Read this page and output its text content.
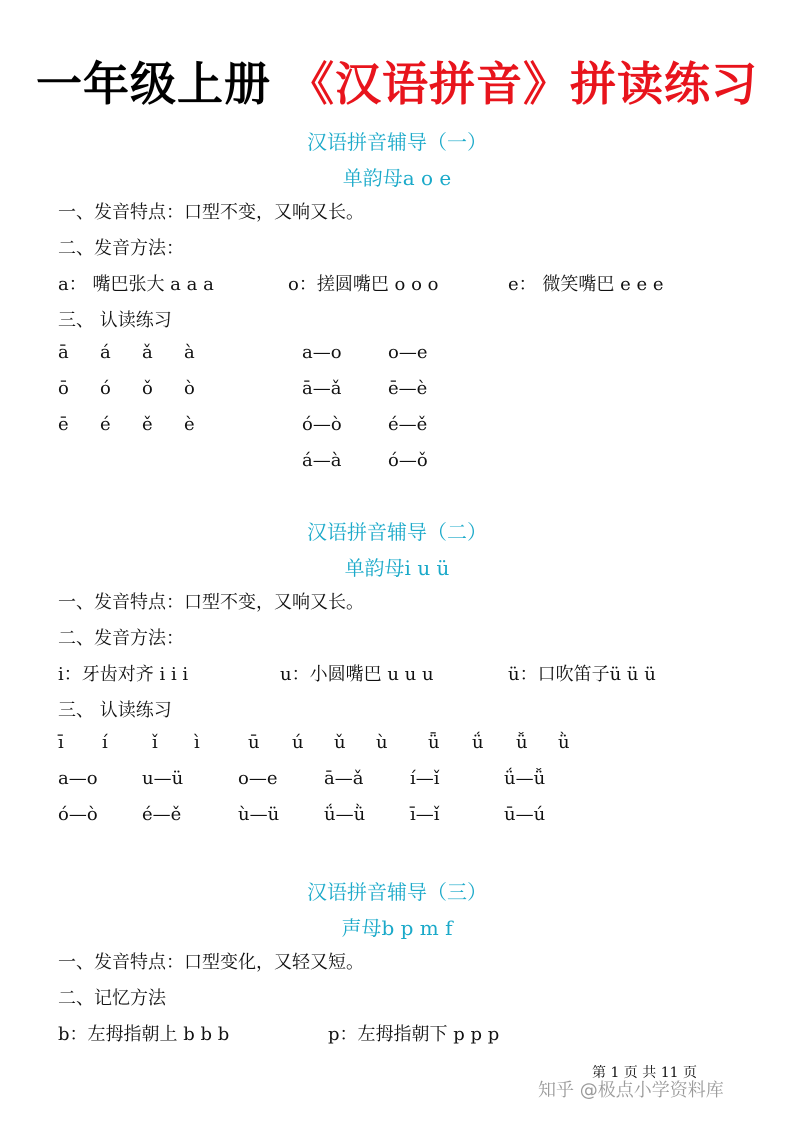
一年级上册 《汉语拼音》拼读练习
汉语拼音辅导（一）
单韵母a o e
一、发音特点：口型不变，又响又长。
二、发音方法：
a： 嘴巴张大 a a a	o：搓圆嘴巴 o o o	e： 微笑嘴巴 e e e
三、 认读练习
ā á ǎ à
ō ó ǒ ò
ē é ě è
a—o	o—e
ā—ǎ	ē—è
ó—ò	é—ě
á—à	ó—ǒ
汉语拼音辅导（二）
单韵母i u ü
一、发音特点：口型不变，又响又长。
二、发音方法：
i：牙齿对齐 i i i	u：小圆嘴巴 u u u	ü：口吹笛子ü ü ü
三、 认读练习
ī í ǐ ì	ū ú ǔ ù ǖ ǘ ǚ ǜ
a—o u—ü	o—e	ā—ǎ	í—ǐ	ǘ—ǚ
ó—ò é—ě	ù—ü ǘ—ǜ ī—ǐ	ū—ú
汉语拼音辅导（三）
声母b p m f
一、发音特点：口型变化，又轻又短。
二、记忆方法
b：左拇指朝上 b b b	p：左拇指朝下 p p p
第 1 页 共 11 页
知乎 @极点小学资料库
